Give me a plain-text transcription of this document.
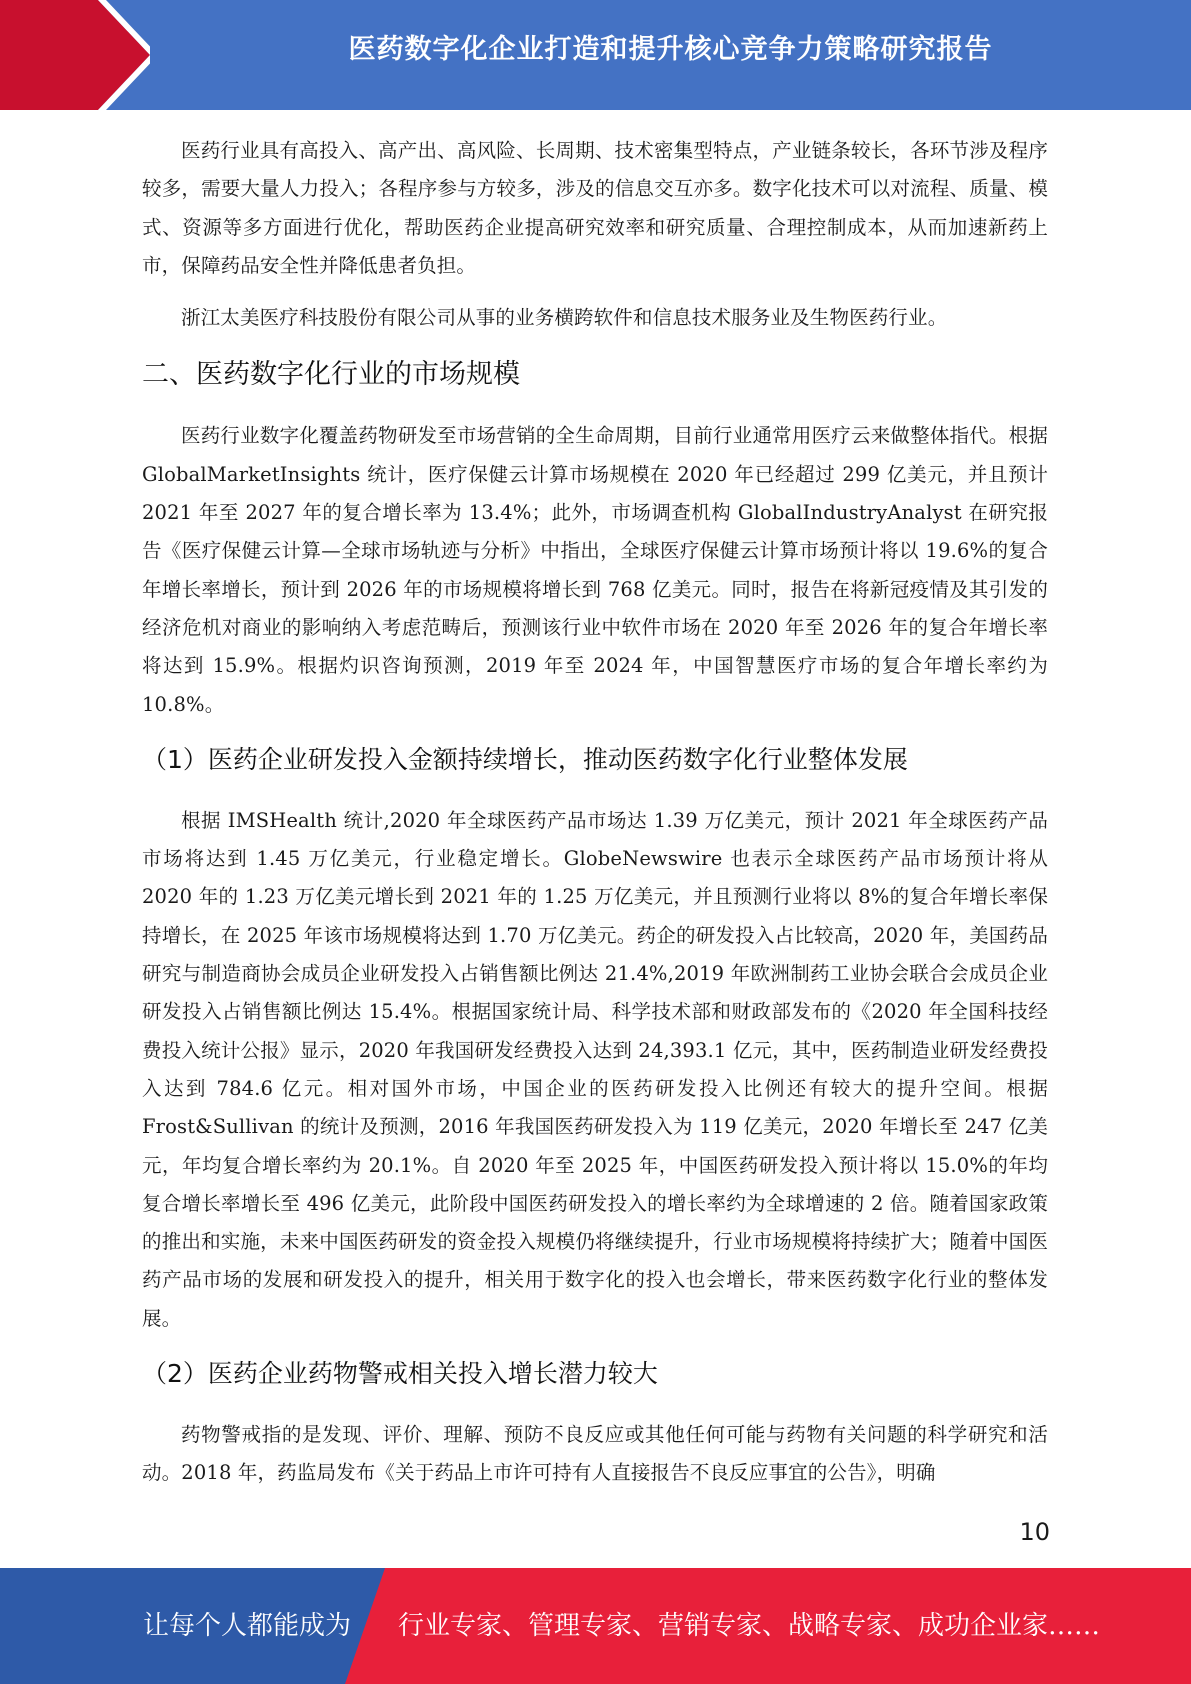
医药数字化企业打造和提升核心竞争力策略研究报告

医药行业具有高投入、高产出、高风险、长周期、技术密集型特点，产业链条较长，各环节涉及程序较多，需要大量人力投入；各程序参与方较多，涉及的信息交互亦多。数字化技术可以对流程、质量、模式、资源等多方面进行优化，帮助医药企业提高研究效率和研究质量、合理控制成本，从而加速新药上市，保障药品安全性并降低患者负担。

浙江太美医疗科技股份有限公司从事的业务横跨软件和信息技术服务业及生物医药行业。

二、医药数字化行业的市场规模

医药行业数字化覆盖药物研发至市场营销的全生命周期，目前行业通常用医疗云来做整体指代。根据 GlobalMarketInsights 统计，医疗保健云计算市场规模在 2020 年已经超过 299 亿美元，并且预计 2021 年至 2027 年的复合增长率为 13.4%；此外，市场调查机构 GlobalIndustryAnalyst 在研究报告《医疗保健云计算—全球市场轨迹与分析》中指出，全球医疗保健云计算市场预计将以 19.6%的复合年增长率增长，预计到 2026 年的市场规模将增长到 768 亿美元。同时，报告在将新冠疫情及其引发的经济危机对商业的影响纳入考虑范畴后，预测该行业中软件市场在 2020 年至 2026 年的复合年增长率将达到 15.9%。根据灼识咨询预测，2019 年至 2024 年，中国智慧医疗市场的复合年增长率约为 10.8%。

（1）医药企业研发投入金额持续增长，推动医药数字化行业整体发展

根据 IMSHealth 统计,2020 年全球医药产品市场达 1.39 万亿美元，预计 2021 年全球医药产品市场将达到 1.45 万亿美元，行业稳定增长。GlobeNewswire 也表示全球医药产品市场预计将从 2020 年的 1.23 万亿美元增长到 2021 年的 1.25 万亿美元，并且预测行业将以 8%的复合年增长率保持增长，在 2025 年该市场规模将达到 1.70 万亿美元。药企的研发投入占比较高，2020 年，美国药品研究与制造商协会成员企业研发投入占销售额比例达 21.4%,2019 年欧洲制药工业协会联合会成员企业研发投入占销售额比例达 15.4%。根据国家统计局、科学技术部和财政部发布的《2020 年全国科技经费投入统计公报》显示，2020 年我国研发经费投入达到 24,393.1 亿元，其中，医药制造业研发经费投入达到 784.6 亿元。相对国外市场，中国企业的医药研发投入比例还有较大的提升空间。根据 Frost&Sullivan 的统计及预测，2016 年我国医药研发投入为 119 亿美元，2020 年增长至 247 亿美元，年均复合增长率约为 20.1%。自 2020 年至 2025 年，中国医药研发投入预计将以 15.0%的年均复合增长率增长至 496 亿美元，此阶段中国医药研发投入的增长率约为全球增速的 2 倍。随着国家政策的推出和实施，未来中国医药研发的资金投入规模仍将继续提升，行业市场规模将持续扩大；随着中国医药产品市场的发展和研发投入的提升，相关用于数字化的投入也会增长，带来医药数字化行业的整体发展。

（2）医药企业药物警戒相关投入增长潜力较大

药物警戒指的是发现、评价、理解、预防不良反应或其他任何可能与药物有关问题的科学研究和活动。2018 年，药监局发布《关于药品上市许可持有人直接报告不良反应事宜的公告》，明确

10
让每个人都能成为 行业专家、管理专家、营销专家、战略专家、成功企业家……
